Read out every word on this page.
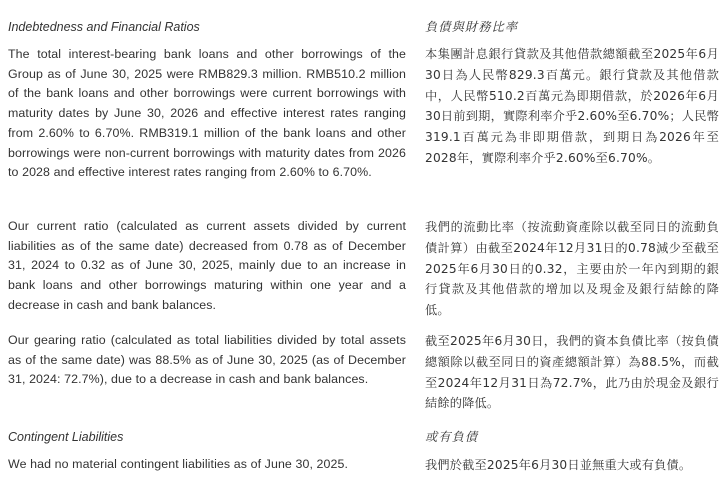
Indebtedness and Financial Ratios

The total interest-bearing bank loans and other borrowings of the Group as of June 30, 2025 were RMB829.3 million. RMB510.2 million of the bank loans and other borrowings were current borrowings with maturity dates by June 30, 2026 and effective interest rates ranging from 2.60% to 6.70%. RMB319.1 million of the bank loans and other borrowings were non-current borrowings with maturity dates from 2026 to 2028 and effective interest rates ranging from 2.60% to 6.70%.

Our current ratio (calculated as current assets divided by current liabilities as of the same date) decreased from 0.78 as of December 31, 2024 to 0.32 as of June 30, 2025, mainly due to an increase in bank loans and other borrowings maturing within one year and a decrease in cash and bank balances.

Our gearing ratio (calculated as total liabilities divided by total assets as of the same date) was 88.5% as of June 30, 2025 (as of December 31, 2024: 72.7%), due to a decrease in cash and bank balances.

Contingent Liabilities

We had no material contingent liabilities as of June 30, 2025.

負債與財務比率

本集團計息銀行貸款及其他借款總額截至2025年6月30日為人民幣829.3百萬元。銀行貸款及其他借款中，人民幣510.2百萬元為即期借款，於2026年6月30日前到期，實際利率介乎2.60%至6.70%；人民幣319.1百萬元為非即期借款，到期日為2026年至2028年，實際利率介乎2.60%至6.70%。

我們的流動比率（按流動資產除以截至同日的流動負債計算）由截至2024年12月31日的0.78減少至截至2025年6月30日的0.32，主要由於一年內到期的銀行貸款及其他借款的增加以及現金及銀行結餘的降低。

截至2025年6月30日，我們的資本負債比率（按負債總額除以截至同日的資產總額計算）為88.5%，而截至2024年12月31日為72.7%，此乃由於現金及銀行結餘的降低。

或有負債

我們於截至2025年6月30日並無重大或有負債。
